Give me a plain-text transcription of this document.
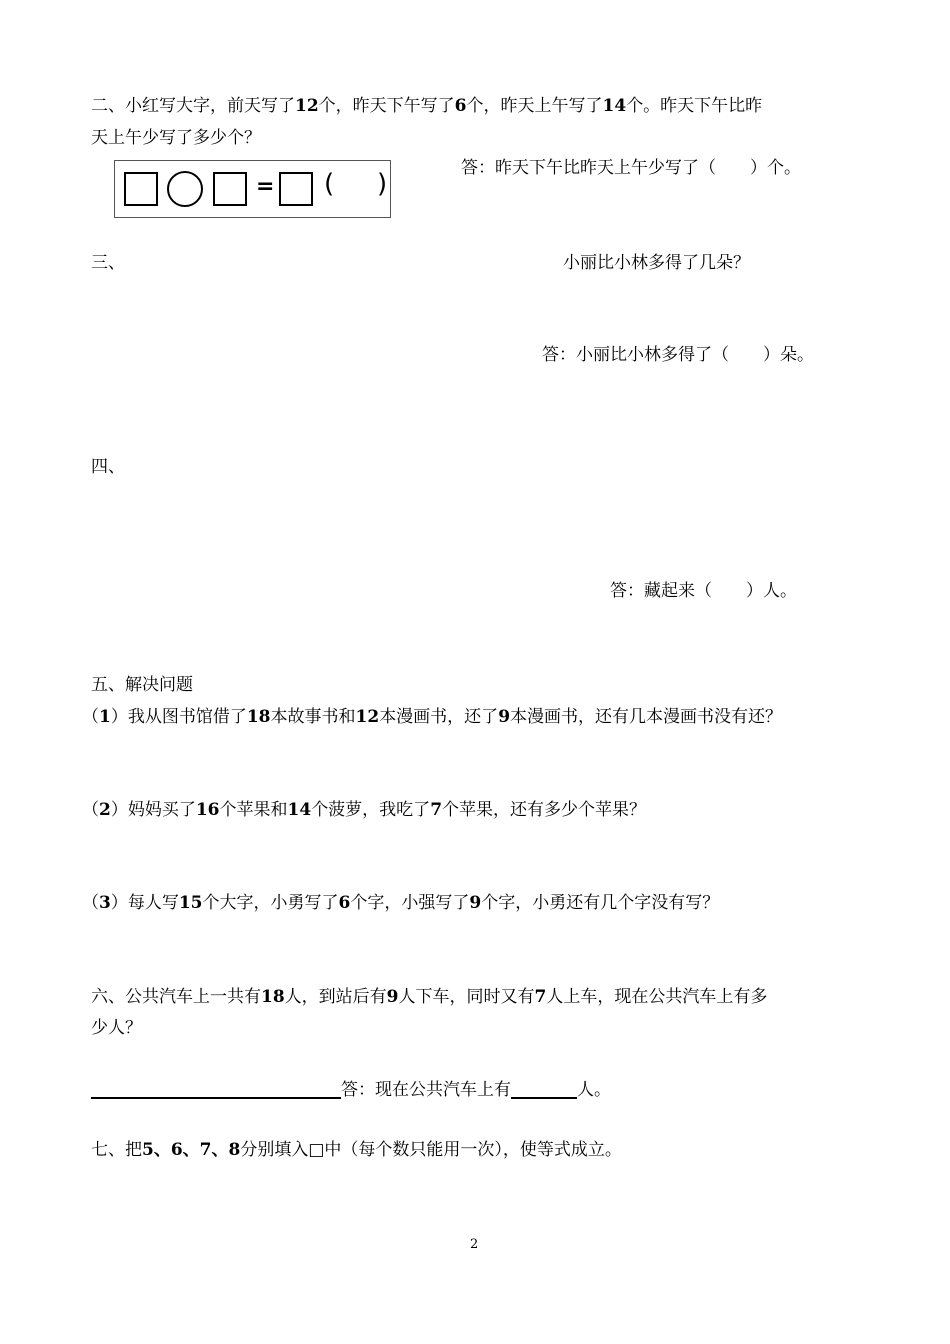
二、小红写大字，前天写了12个，昨天下午写了6个，昨天上午写了14个。昨天下午比昨
天上午少写了多少个？
= ( )
答：昨天下午比昨天上午少写了（　　）个。
三、	小丽比小林多得了几朵？
答：小丽比小林多得了（　　）朵。
四、
答：藏起来（　　）人。
五、解决问题
（1）我从图书馆借了18本故事书和12本漫画书，还了9本漫画书，还有几本漫画书没有还？
（2）妈妈买了16个苹果和14个菠萝，我吃了7个苹果，还有多少个苹果？
（3）每人写15个大字，小勇写了6个字，小强写了9个字，小勇还有几个字没有写？
六、公共汽车上一共有18人，到站后有9人下车，同时又有7人上车，现在公共汽车上有多
少人？
答：现在公共汽车上有	人。
七、把5、6、7、8分别填入□中（每个数只能用一次），使等式成立。
2
